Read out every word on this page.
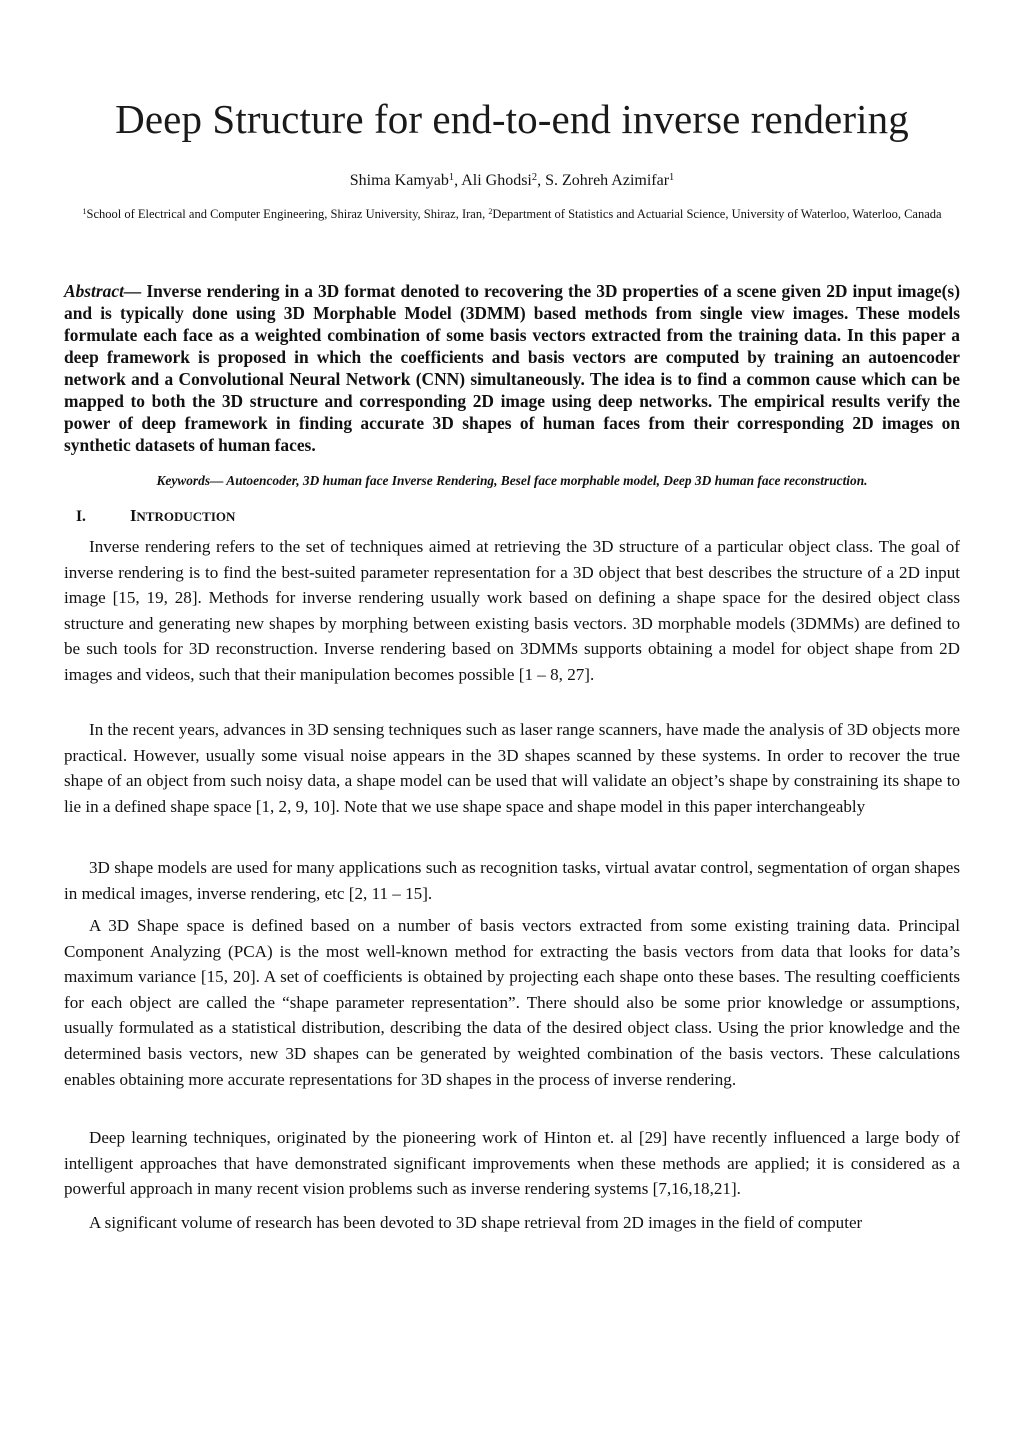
Deep Structure for end-to-end inverse rendering
Shima Kamyab$^1$, Ali Ghodsi$^2$, S. Zohreh Azimifar$^1$
$^1$School of Electrical and Computer Engineering, Shiraz University, Shiraz, Iran, $^2$Department of Statistics and Actuarial Science, University of Waterloo, Waterloo, Canada

Abstract— Inverse rendering in a 3D format denoted to recovering the 3D properties of a scene given 2D input image(s) and is typically done using 3D Morphable Model (3DMM) based methods from single view images. These models formulate each face as a weighted combination of some basis vectors extracted from the training data. In this paper a deep framework is proposed in which the coefficients and basis vectors are computed by training an autoencoder network and a Convolutional Neural Network (CNN) simultaneously. The idea is to find a common cause which can be mapped to both the 3D structure and corresponding 2D image using deep networks. The empirical results verify the power of deep framework in finding accurate 3D shapes of human faces from their corresponding 2D images on synthetic datasets of human faces.

Keywords— Autoencoder, 3D human face Inverse Rendering, Besel face morphable model, Deep 3D human face reconstruction.

I.	INTRODUCTION

Inverse rendering refers to the set of techniques aimed at retrieving the 3D structure of a particular object class. The goal of inverse rendering is to find the best-suited parameter representation for a 3D object that best describes the structure of a 2D input image [15, 19, 28]. Methods for inverse rendering usually work based on defining a shape space for the desired object class structure and generating new shapes by morphing between existing basis vectors. 3D morphable models (3DMMs) are defined to be such tools for 3D reconstruction. Inverse rendering based on 3DMMs supports obtaining a model for object shape from 2D images and videos, such that their manipulation becomes possible [1 – 8, 27].

In the recent years, advances in 3D sensing techniques such as laser range scanners, have made the analysis of 3D objects more practical. However, usually some visual noise appears in the 3D shapes scanned by these systems. In order to recover the true shape of an object from such noisy data, a shape model can be used that will validate an object’s shape by constraining its shape to lie in a defined shape space [1, 2, 9, 10]. Note that we use shape space and shape model in this paper interchangeably

3D shape models are used for many applications such as recognition tasks, virtual avatar control, segmentation of organ shapes in medical images, inverse rendering, etc [2, 11 – 15].

A 3D Shape space is defined based on a number of basis vectors extracted from some existing training data. Principal Component Analyzing (PCA) is the most well-known method for extracting the basis vectors from data that looks for data’s maximum variance [15, 20]. A set of coefficients is obtained by projecting each shape onto these bases. The resulting coefficients for each object are called the “shape parameter representation”. There should also be some prior knowledge or assumptions, usually formulated as a statistical distribution, describing the data of the desired object class. Using the prior knowledge and the determined basis vectors, new 3D shapes can be generated by weighted combination of the basis vectors. These calculations enables obtaining more accurate representations for 3D shapes in the process of inverse rendering.

Deep learning techniques, originated by the pioneering work of Hinton et. al [29] have recently influenced a large body of intelligent approaches that have demonstrated significant improvements when these methods are applied; it is considered as a powerful approach in many recent vision problems such as inverse rendering systems [7,16,18,21].

A significant volume of research has been devoted to 3D shape retrieval from 2D images in the field of computer
